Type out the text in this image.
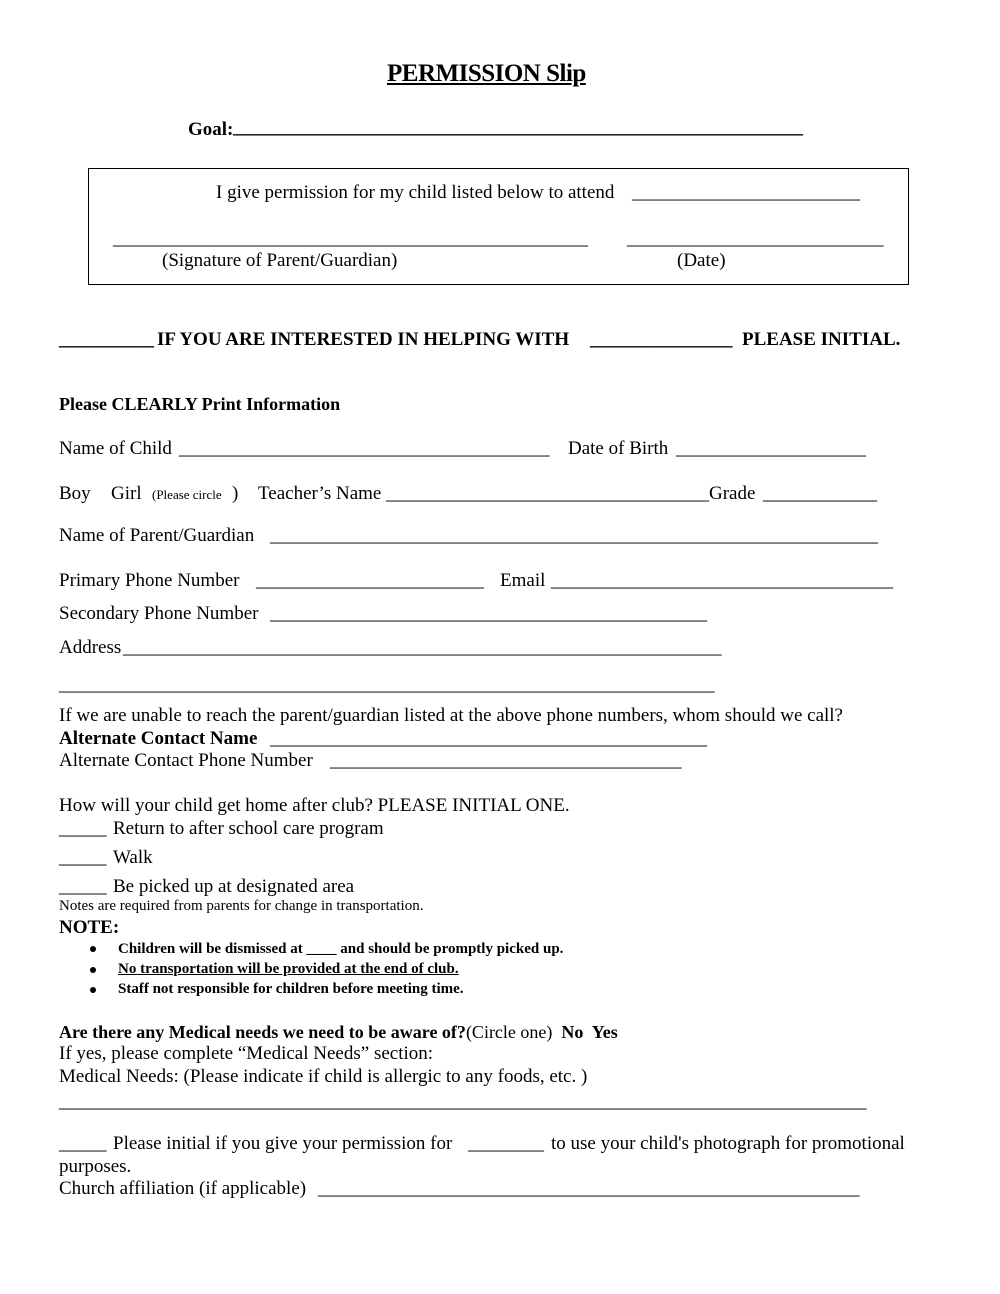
PERMISSION Slip
Goal: ____________________________________________________________
I give permission for my child listed below to attend ________________________
__________________________________________________ ___________________________
(Signature of Parent/Guardian)	(Date)
__________ IF YOU ARE INTERESTED IN HELPING WITH _______________ PLEASE INITIAL.
Please CLEARLY Print Information
Name of Child _______________________________________ Date of Birth ____________________
Boy Girl (Please circle ) Teacher’s Name __________________________________ Grade ____________
Name of Parent/Guardian ________________________________________________________________
Primary Phone Number ________________________ Email ____________________________________
Secondary Phone Number ______________________________________________
Address _______________________________________________________________
_____________________________________________________________________
If we are unable to reach the parent/guardian listed at the above phone numbers, whom should we call?
Alternate Contact Name ______________________________________________
Alternate Contact Phone Number _____________________________________
How will your child get home after club? PLEASE INITIAL ONE.
_____ Return to after school care program
_____ Walk
_____ Be picked up at designated area
Notes are required from parents for change in transportation.
NOTE:
Children will be dismissed at ____ and should be promptly picked up.
No transportation will be provided at the end of club.
Staff not responsible for children before meeting time.
Are there any Medical needs we need to be aware of?(Circle one) No  Yes
If yes, please complete “Medical Needs” section:
Medical Needs: (Please indicate if child is allergic to any foods, etc. )
_____________________________________________________________________________________
_____ Please initial if you give your permission for ________ to use your child's photograph for promotional
purposes.
Church affiliation (if applicable) _________________________________________________________
